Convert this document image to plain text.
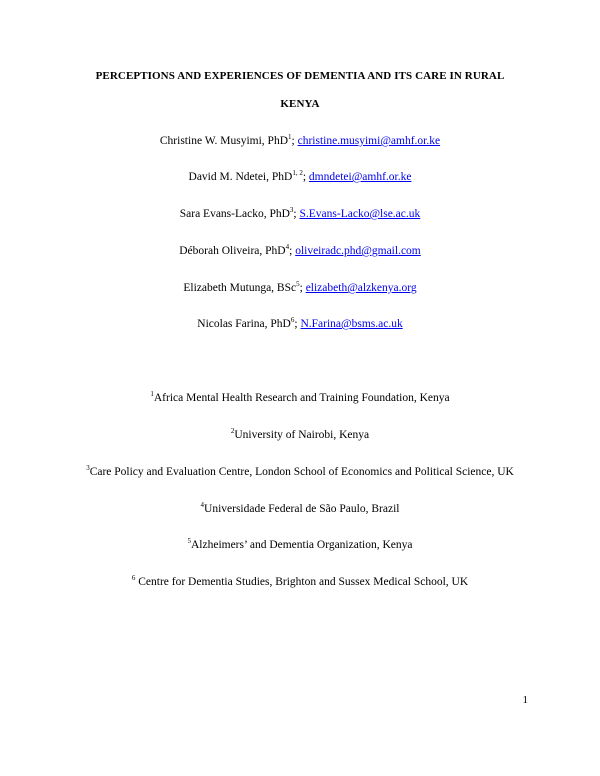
PERCEPTIONS AND EXPERIENCES OF DEMENTIA AND ITS CARE IN RURAL
KENYA
Christine W. Musyimi, PhD$^1$; christine.musyimi@amhf.or.ke
David M. Ndetei, PhD$^{1, 2}$; dmndetei@amhf.or.ke
Sara Evans-Lacko, PhD$^3$; S.Evans-Lacko@lse.ac.uk
Déborah Oliveira, PhD$^4$; oliveiradc.phd@gmail.com
Elizabeth Mutunga, BSc$^5$; elizabeth@alzkenya.org
Nicolas Farina, PhD$^6$; N.Farina@bsms.ac.uk
$^1$Africa Mental Health Research and Training Foundation, Kenya
$^2$University of Nairobi, Kenya
$^3$Care Policy and Evaluation Centre, London School of Economics and Political Science, UK
$^4$Universidade Federal de São Paulo, Brazil
$^5$Alzheimers’ and Dementia Organization, Kenya
$^6$ Centre for Dementia Studies, Brighton and Sussex Medical School, UK
1
